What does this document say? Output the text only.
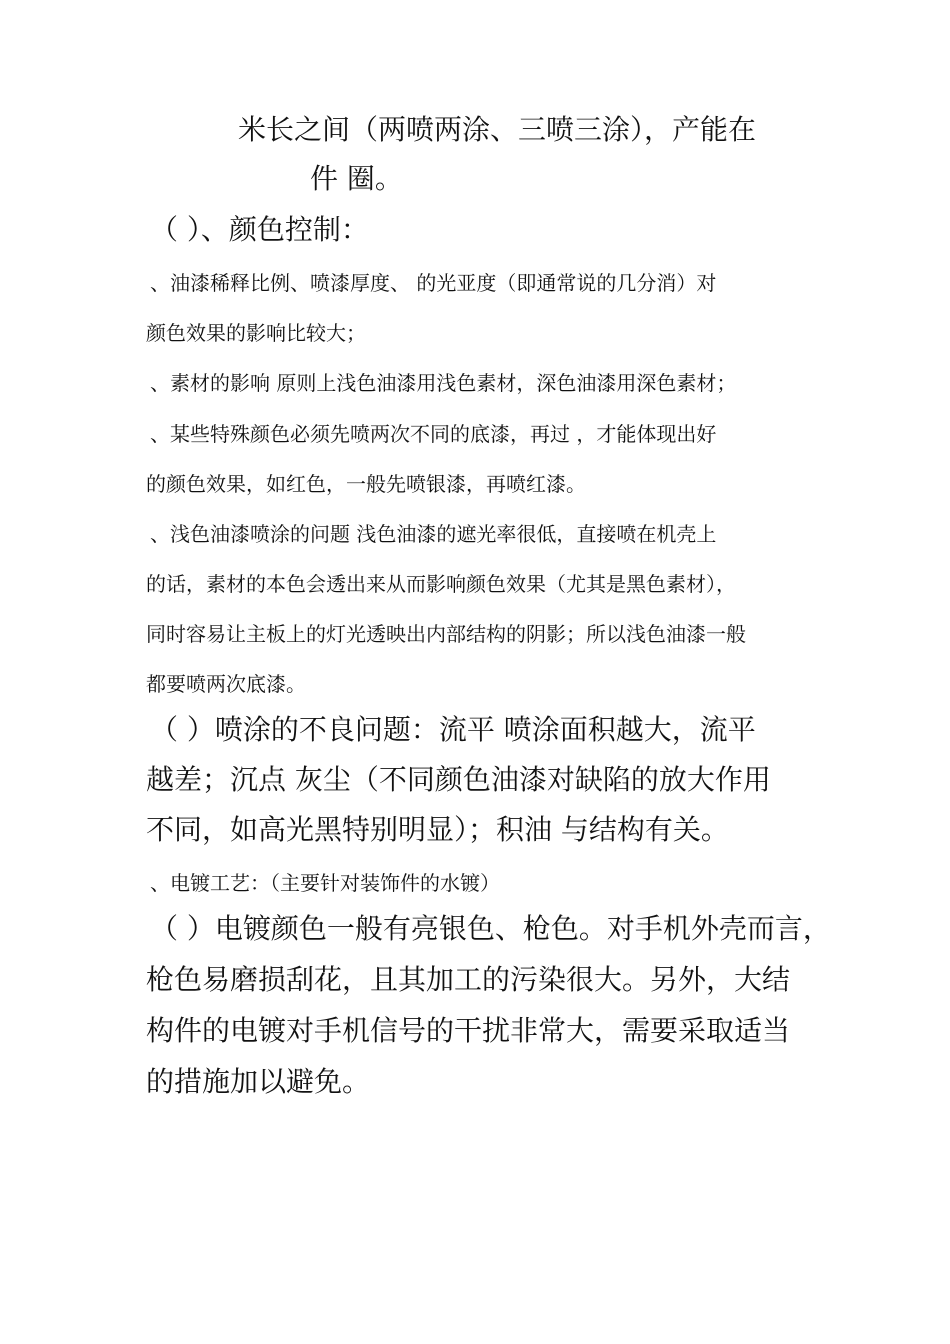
米长之间（两喷两涂、三喷三涂），产能在
件 圈。
（ ）、颜色控制：
、油漆稀释比例、喷漆厚度、 的光亚度（即通常说的几分消）对
颜色效果的影响比较大；
、素材的影响 原则上浅色油漆用浅色素材，深色油漆用深色素材；
、某些特殊颜色必须先喷两次不同的底漆，再过 ，才能体现出好
的颜色效果，如红色，一般先喷银漆，再喷红漆。
、浅色油漆喷涂的问题 浅色油漆的遮光率很低，直接喷在机壳上
的话，素材的本色会透出来从而影响颜色效果（尤其是黑色素材），
同时容易让主板上的灯光透映出内部结构的阴影；所以浅色油漆一般
都要喷两次底漆。
（ ）喷涂的不良问题：流平 喷涂面积越大，流平
越差；沉点 灰尘（不同颜色油漆对缺陷的放大作用
不同，如高光黑特别明显）；积油 与结构有关。
、电镀工艺：（主要针对装饰件的水镀）
（ ）电镀颜色一般有亮银色、枪色。对手机外壳而言，
枪色易磨损刮花，且其加工的污染很大。另外，大结
构件的电镀对手机信号的干扰非常大，需要采取适当
的措施加以避免。
